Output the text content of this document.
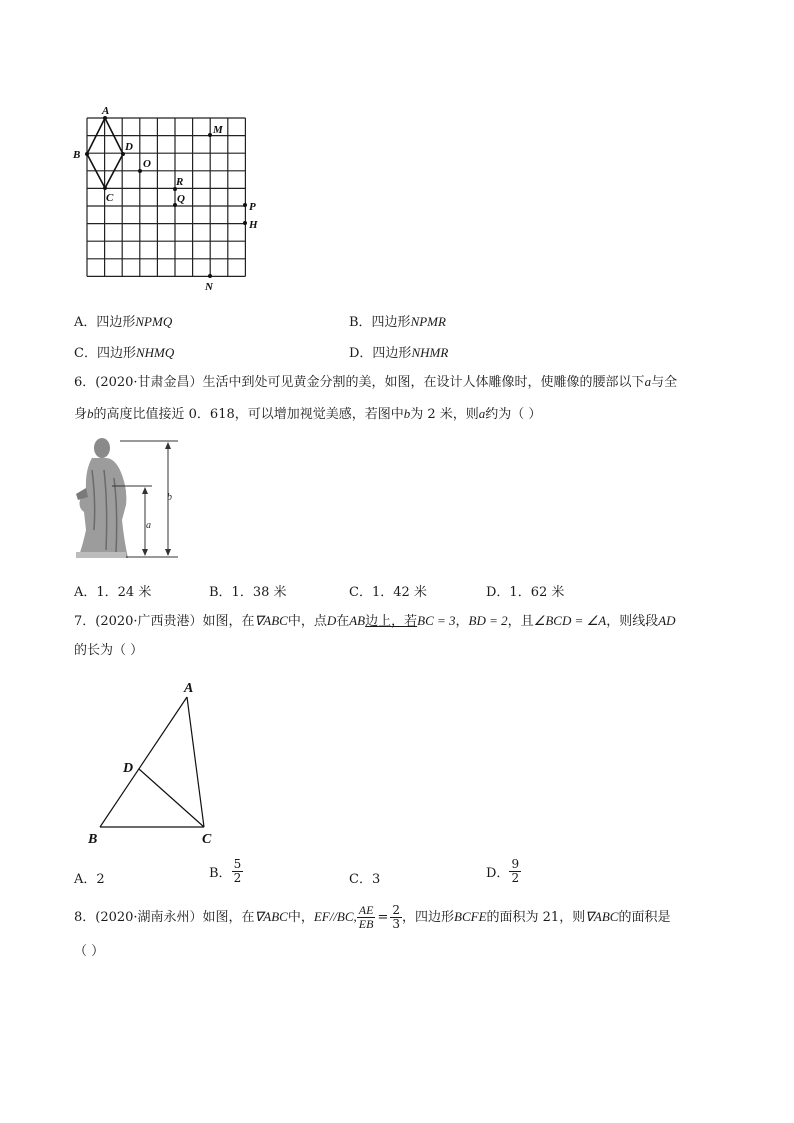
A
B
C
D
O
M
R
Q
P
H
N
A．四边形NPMQ	B．四边形NPMR
C．四边形NHMQ	D．四边形NHMR
6．(2020·甘肃金昌）生活中到处可见黄金分割的美，如图，在设计人体雕像时，使雕像的腰部以下a与全
身b的高度比值接近 0．618，可以增加视觉美感，若图中b为 2 米，则a约为（ ）
b
a
A．1．24 米	B．1．38 米	C．1．42 米	D．1．62 米
7．(2020·广西贵港）如图，在∇ABC中，点D在AB边上，若BC = 3，BD = 2，且∠BCD = ∠A，则线段AD
的长为（ ）
A
D
B	C
A．2	B． $\frac{5}{2}$	C．3	D． $\frac{9}{2}$
8．(2020·湖南永州）如图，在∇ABC中，EF//BC, $\frac{AE}{EB} = \frac{2}{3}$ ，四边形BCFE的面积为 21，则∇ABC的面积是
（ ）
